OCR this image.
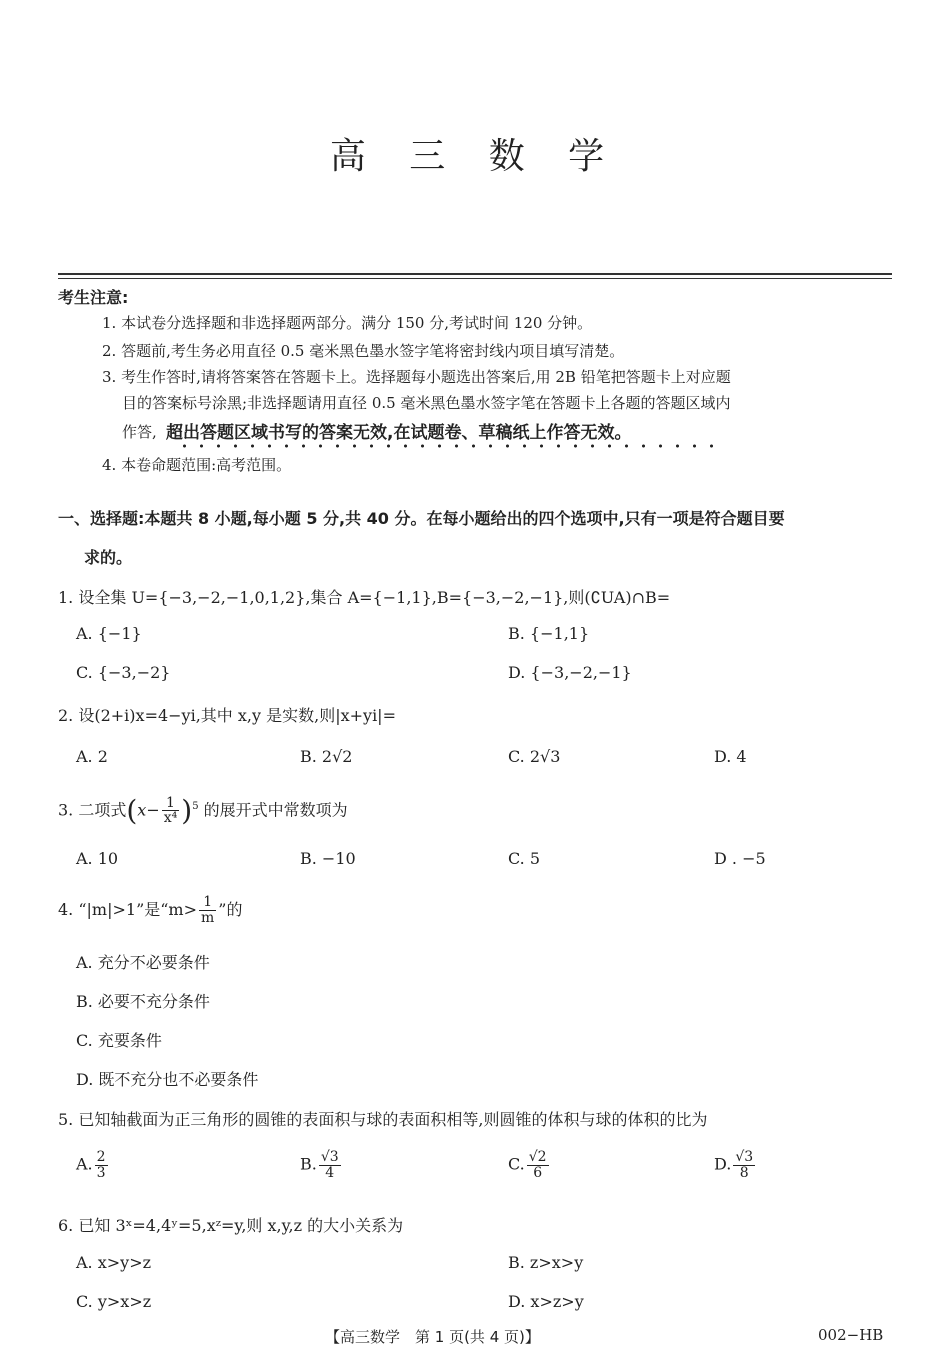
高 三 数 学
考生注意:
1. 本试卷分选择题和非选择题两部分。满分 150 分,考试时间 120 分钟。
2. 答题前,考生务必用直径 0.5 毫米黑色墨水签字笔将密封线内项目填写清楚。
3. 考生作答时,请将答案答在答题卡上。选择题每小题选出答案后,用 2B 铅笔把答题卡上对应题
目的答案标号涂黑;非选择题请用直径 0.5 毫米黑色墨水签字笔在答题卡上各题的答题区域内
作答, 超出答题区域书写的答案无效,在试题卷、草稿纸上作答无效。
4. 本卷命题范围:高考范围。
一、选择题:本题共 8 小题,每小题 5 分,共 40 分。在每小题给出的四个选项中,只有一项是符合题目要
求的。
1. 设全集 U={−3,−2,−1,0,1,2},集合 A={−1,1},B={−3,−2,−1},则(∁UA)∩B=
A. {−1}	B. {−1,1}
C. {−3,−2}	D. {−3,−2,−1}
2. 设(2+i)x=4−yi,其中 x,y 是实数,则|x+yi|=
A. 2	B. 2√2	C. 2√3	D. 4
3. 二项式$(x- \frac{1}{\text{x⁴}} )^5$ 的展开式中常数项为
A. 10	B. −10	C. 5	D . −5
4. “|m|>1”是“$m> \frac{1}{m}$ ”的
A. 充分不必要条件
B. 必要不充分条件
C. 充要条件
D. 既不充分也不必要条件
5. 已知轴截面为正三角形的圆锥的表面积与球的表面积相等,则圆锥的体积与球的体积的比为
A. $\frac{2}{3}$	B. $\frac{√3}{4}$	C. $\frac{√2}{6}$	D. $\frac{√3}{8}$
6. 已知 3ˣ=4,4ʸ=5,xᶻ=y,则 x,y,z 的大小关系为
A. x>y>z	B. z>x>y
C. y>x>z	D. x>z>y
【高三数学　第 1 页(共 4 页)】	002−HB
